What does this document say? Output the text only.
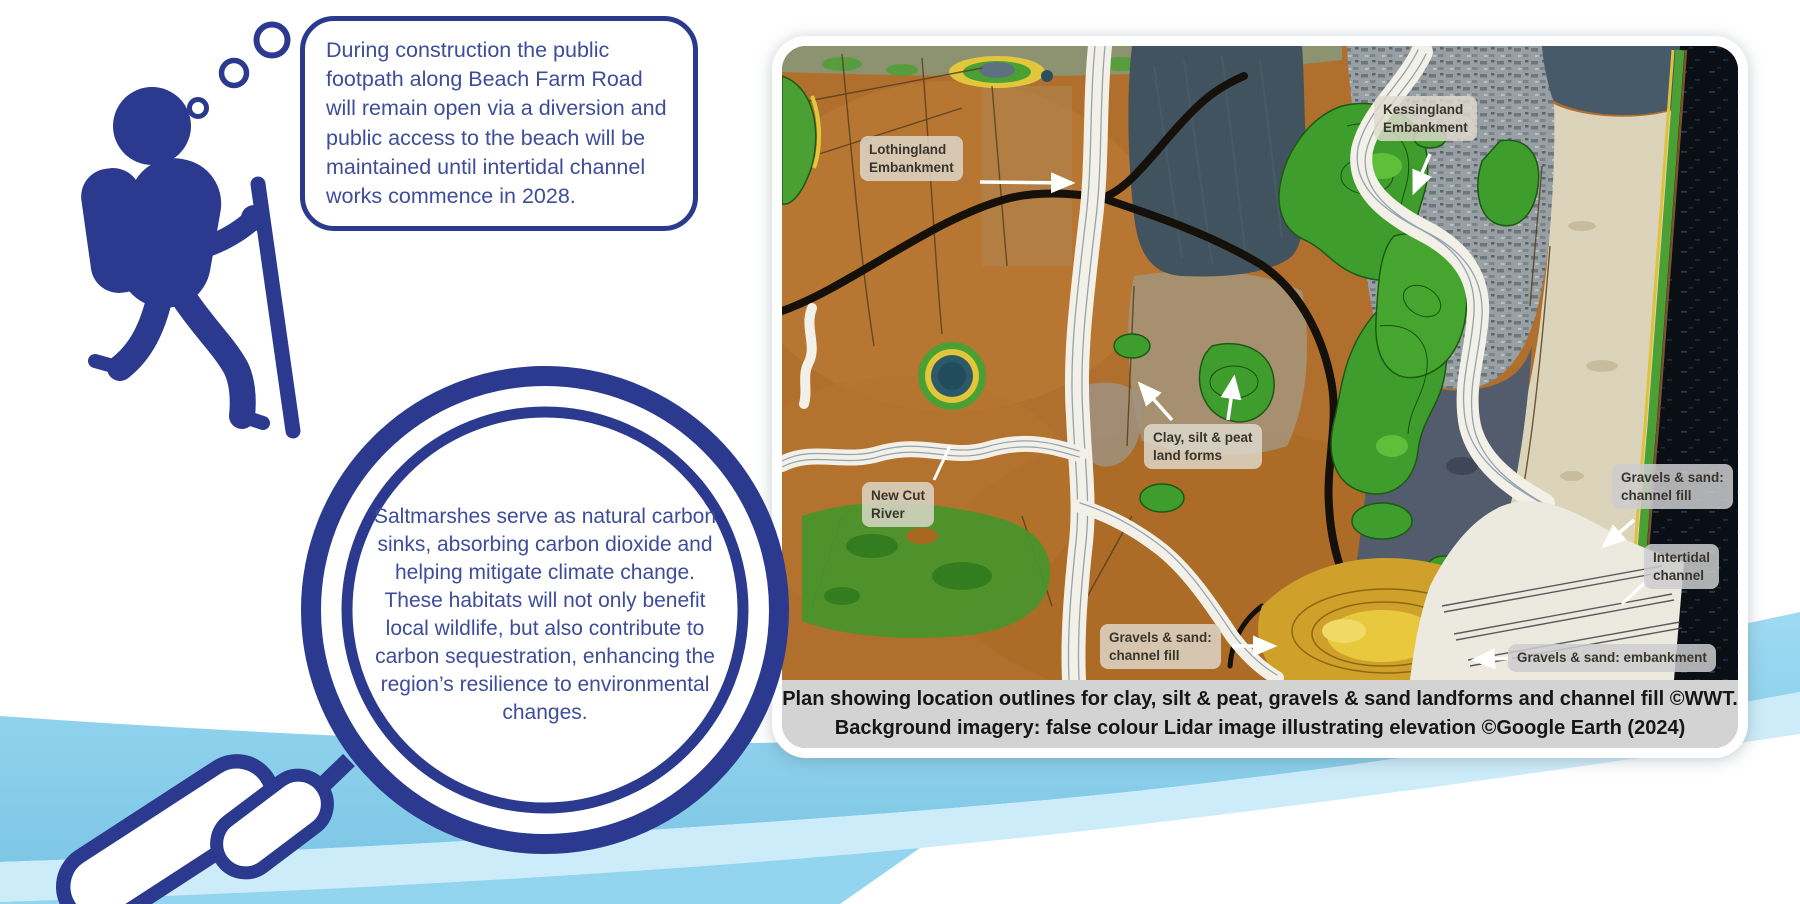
During construction the public footpath along Beach Farm Road will remain open via a diversion and public access to the beach will be maintained until intertidal channel works commence in 2028.
Saltmarshes serve as natural carbon sinks, absorbing carbon dioxide and helping mitigate climate change. These habitats will not only benefit local wildlife, but also contribute to carbon sequestration, enhancing the region’s resilience to environmental changes.
Lothingland
Embankment
Kessingland
Embankment
Clay, silt & peat
land forms
New Cut
River
Gravels & sand:
channel fill
Gravels & sand:
channel fill
Intertidal
channel
Gravels & sand: embankment
Plan showing location outlines for clay, silt & peat, gravels & sand landforms and channel fill ©WWT.
Background imagery: false colour Lidar image illustrating elevation ©Google Earth (2024)
